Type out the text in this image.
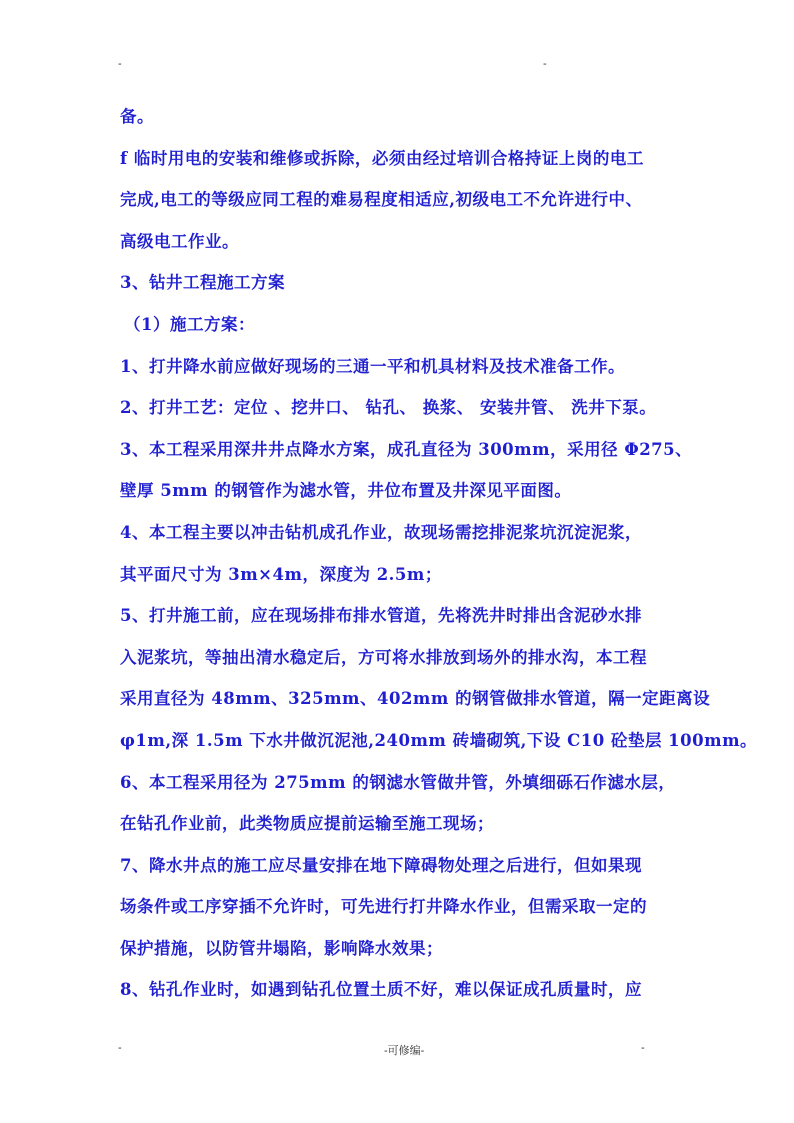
-	-
备。
f 临时用电的安装和维修或拆除，必须由经过培训合格持证上岗的电工
完成,电工的等级应同工程的难易程度相适应,初级电工不允许进行中、
高级电工作业。
3、钻井工程施工方案
（1）施工方案：
1、打井降水前应做好现场的三通一平和机具材料及技术准备工作。
2、打井工艺：定位 、挖井口、 钻孔、 换浆、 安装井管、 洗井下泵。
3、本工程采用深井井点降水方案，成孔直径为 300mm，采用径 Φ275、
壁厚 5mm 的钢管作为滤水管，井位布置及井深见平面图。
4、本工程主要以冲击钻机成孔作业，故现场需挖排泥浆坑沉淀泥浆，
其平面尺寸为 3m×4m，深度为 2.5m；
5、打井施工前，应在现场排布排水管道，先将洗井时排出含泥砂水排
入泥浆坑，等抽出清水稳定后，方可将水排放到场外的排水沟，本工程
采用直径为 48mm、325mm、402mm 的钢管做排水管道，隔一定距离设
φ1m,深 1.5m 下水井做沉泥池,240mm 砖墙砌筑,下设 C10 砼垫层 100mm。
6、本工程采用径为 275mm 的钢滤水管做井管，外填细砾石作滤水层，
在钻孔作业前，此类物质应提前运输至施工现场；
7、降水井点的施工应尽量安排在地下障碍物处理之后进行，但如果现
场条件或工序穿插不允许时，可先进行打井降水作业，但需采取一定的
保护措施，以防管井塌陷，影响降水效果；
8、钻孔作业时，如遇到钻孔位置土质不好，难以保证成孔质量时，应
-	-可修编-	-
